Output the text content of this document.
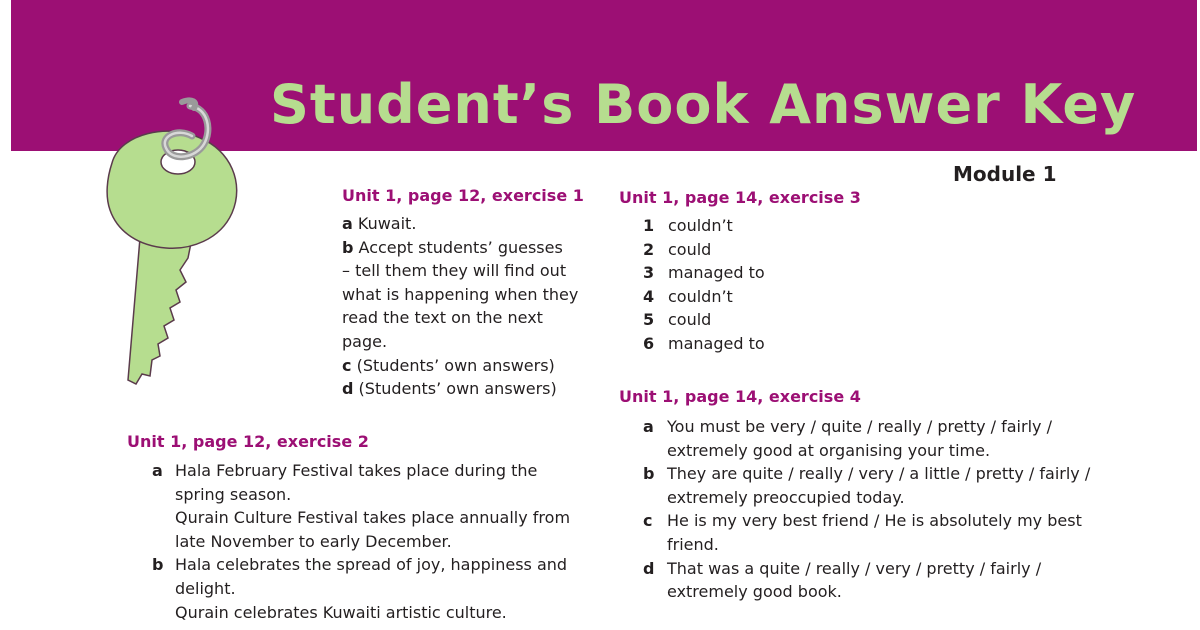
Student’s Book Answer Key
Module 1
Unit 1, page 12, exercise 1
a Kuwait.
b Accept students’ guesses
– tell them they will find out
what is happening when they
read the text on the next
page.
c (Students’ own answers)
d (Students’ own answers)
Unit 1, page 12, exercise 2
a Hala February Festival takes place during the
spring season.
Qurain Culture Festival takes place annually from
late November to early December.
b Hala celebrates the spread of joy, happiness and
delight.
Qurain celebrates Kuwaiti artistic culture.
Unit 1, page 14, exercise 3
1 couldn’t
2 could
3 managed to
4 couldn’t
5 could
6 managed to
Unit 1, page 14, exercise 4
a You must be very / quite / really / pretty / fairly /
extremely good at organising your time.
b They are quite / really / very / a little / pretty / fairly /
extremely preoccupied today.
c He is my very best friend / He is absolutely my best
friend.
d That was a quite / really / very / pretty / fairly /
extremely good book.
